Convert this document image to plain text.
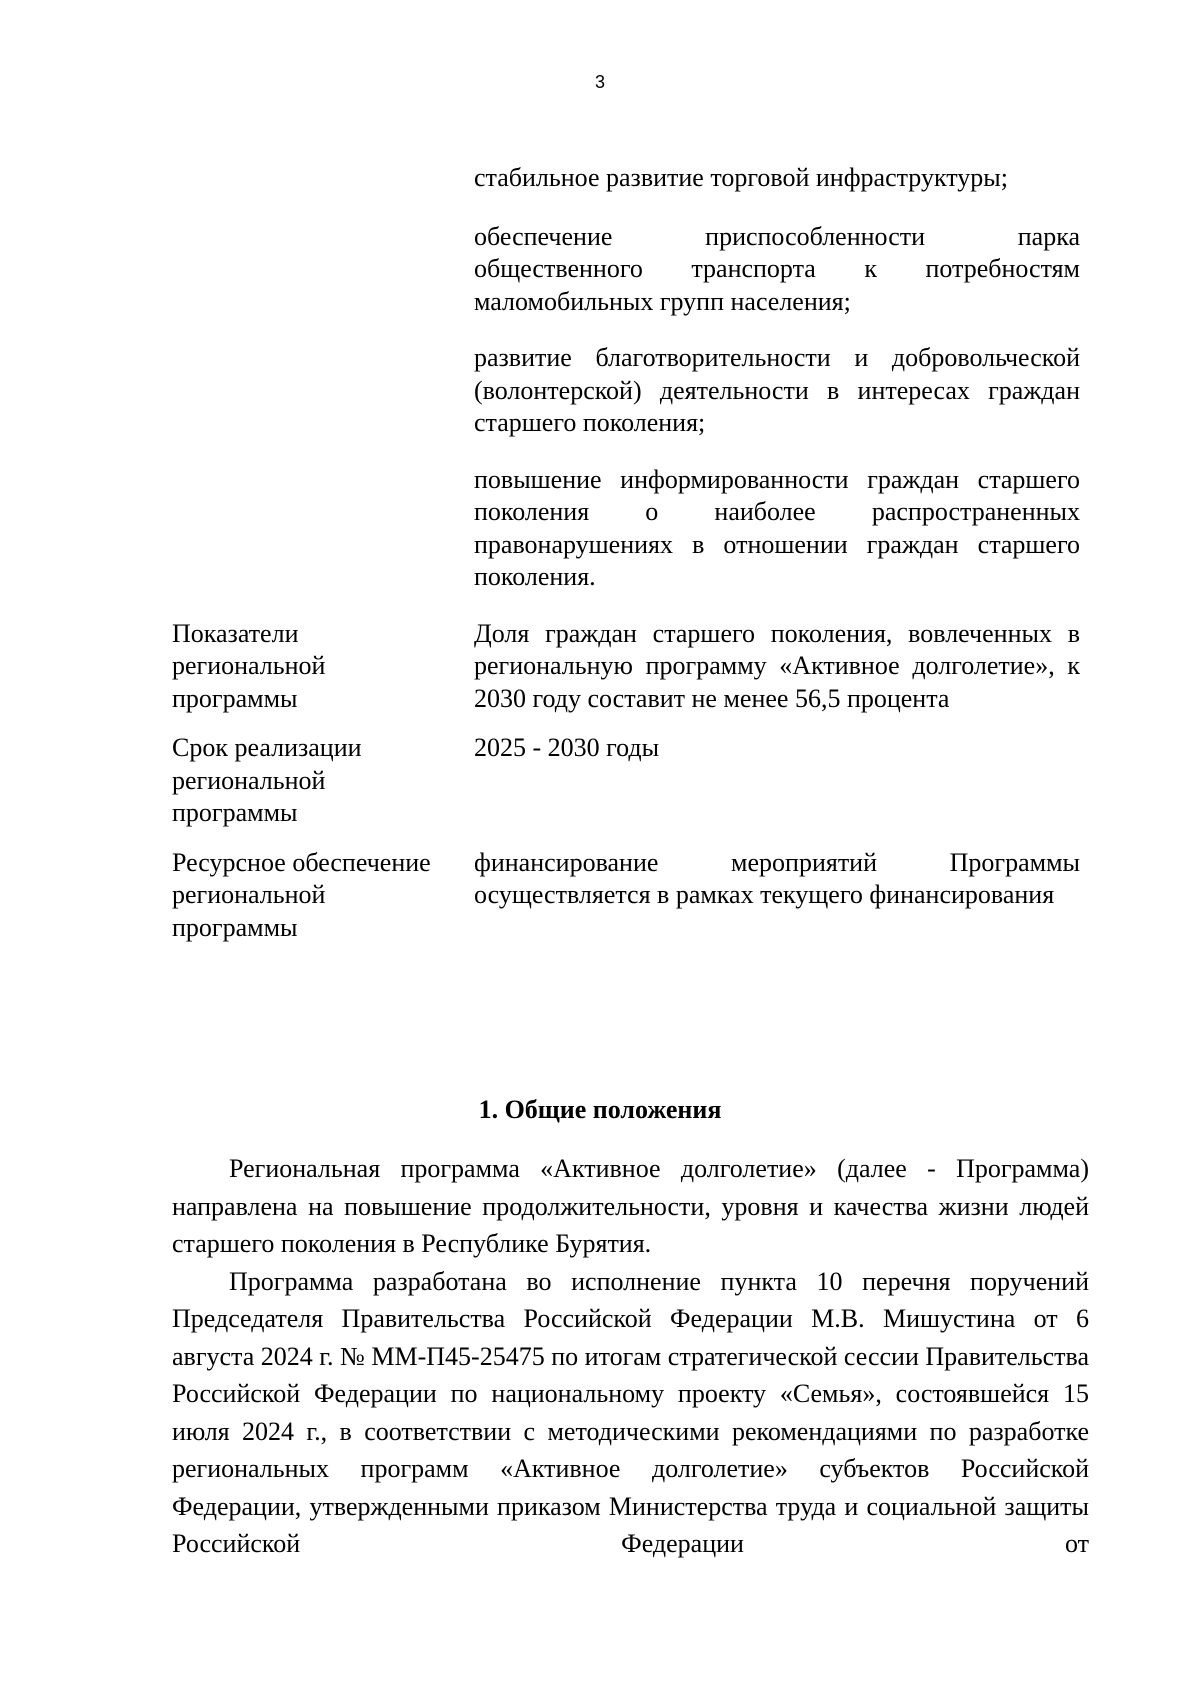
3

стабильное развитие торговой инфраструктуры;

обеспечение приспособленности парка общественного транспорта к потребностям маломобильных групп населения;

развитие благотворительности и добровольческой (волонтерской) деятельности в интересах граждан старшего поколения;

повышение информированности граждан старшего поколения о наиболее распространенных правонарушениях в отношении граждан старшего поколения.

Показатели
региональной
программы

Доля граждан старшего поколения, вовлеченных в региональную программу «Активное долголетие», к 2030 году составит не менее 56,5 процента

Срок реализации
региональной
программы

2025 - 2030 годы

Ресурсное обеспечение
региональной
программы

финансирование мероприятий Программы осуществляется в рамках текущего финансирования

1. Общие положения

Региональная программа «Активное долголетие» (далее - Программа) направлена на повышение продолжительности, уровня и качества жизни людей старшего поколения в Республике Бурятия.

Программа разработана во исполнение пункта 10 перечня поручений Председателя Правительства Российской Федерации М.В. Мишустина от 6 августа 2024 г. № ММ-П45-25475 по итогам стратегической сессии Правительства Российской Федерации по национальному проекту «Семья», состоявшейся 15 июля 2024 г., в соответствии с методическими рекомендациями по разработке региональных программ «Активное долголетие» субъектов Российской Федерации, утвержденными приказом Министерства труда и социальной защиты Российской Федерации от
